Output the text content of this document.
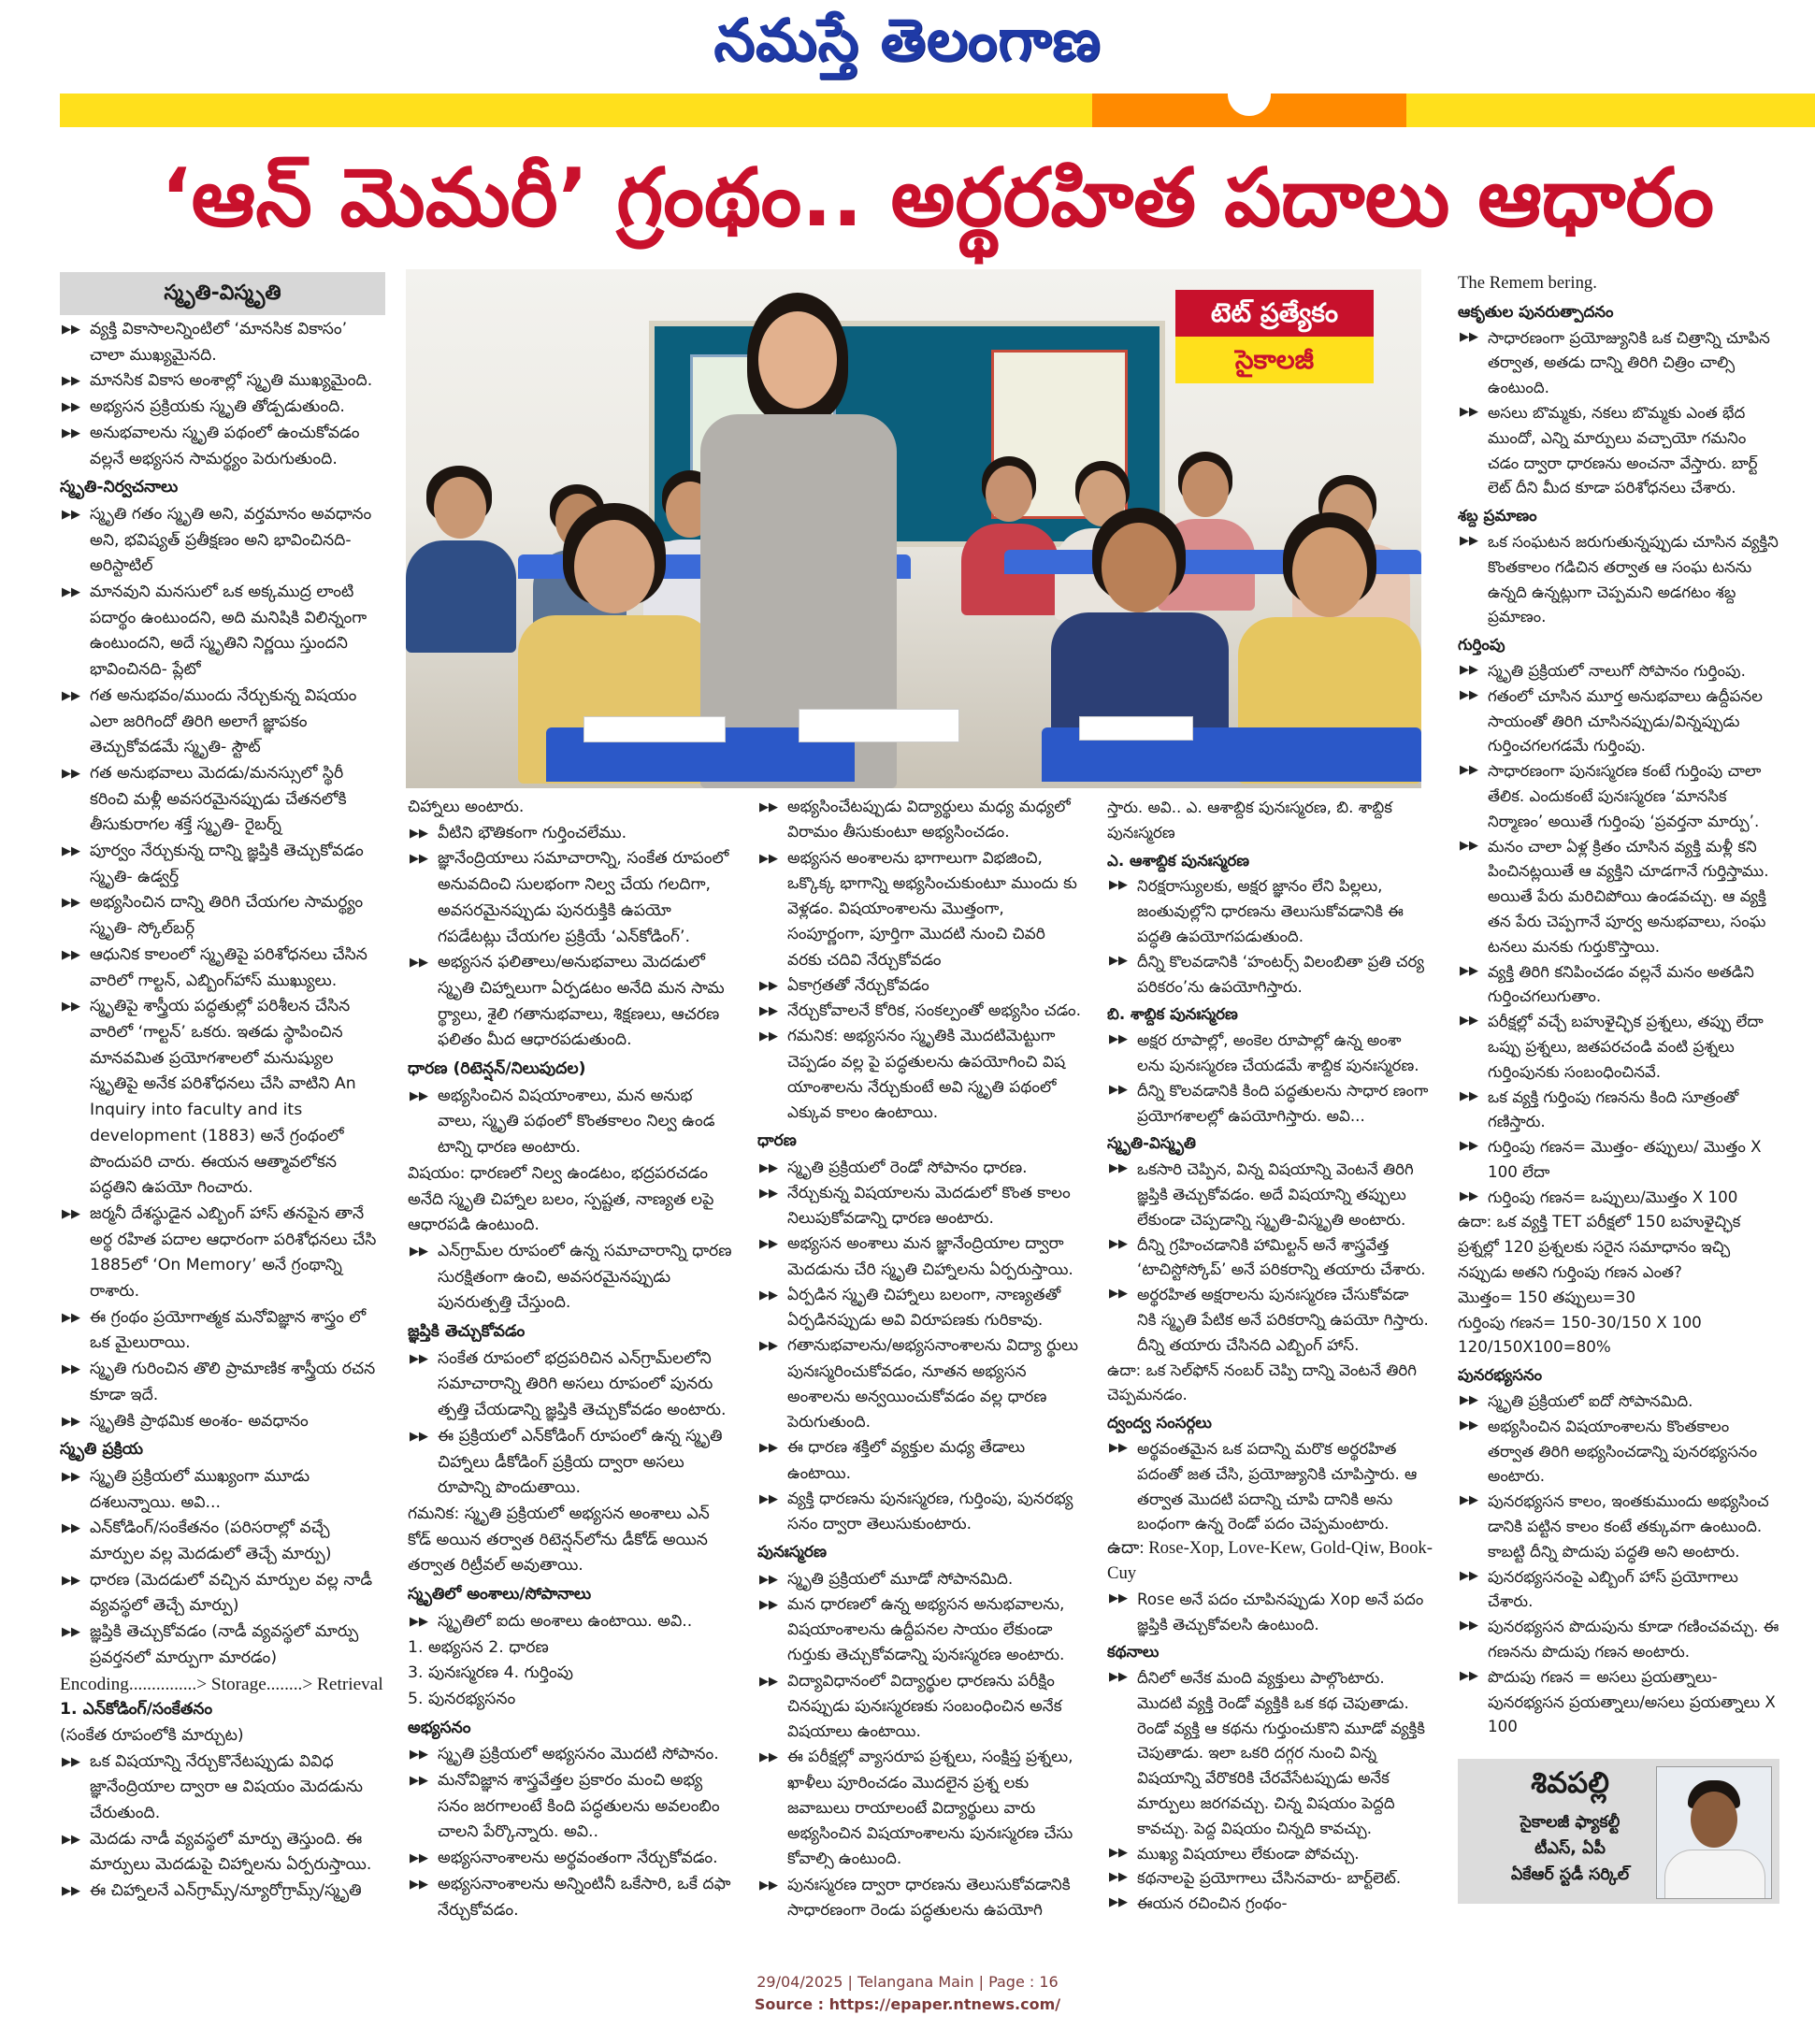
నమస్తే తెలంగాణ
‘ఆన్ మెమరీ’ గ్రంథం.. అర్థరహిత పదాలు ఆధారం
టెట్ ప్రత్యేకం
సైకాలజీ
స్మృతి-విస్మృతి
▶▶ వ్యక్తి వికాసాలన్నింటిలో ‘మానసిక వికాసం’ చాలా ముఖ్యమైనది.
▶▶ మానసిక వికాస అంశాల్లో స్మృతి ముఖ్యమైంది.
▶▶ అభ్యసన ప్రక్రియకు స్మృతి తోడ్పడుతుంది.
▶▶ అనుభవాలను స్మృతి పథంలో ఉంచుకోవడం వల్లనే అభ్యసన సామర్థ్యం పెరుగుతుంది.
స్మృతి-నిర్వచనాలు
▶▶ స్మృతి గతం స్మృతి అని, వర్తమానం అవధానం అని, భవిష్యత్ ప్రతీక్షణం అని భావించినది- అరిస్టాటిల్
▶▶ మానవుని మనసులో ఒక అక్కముద్ర లాంటి పదార్థం ఉంటుందని, అది మనిషికి విలిన్నంగా ఉంటుందని, అదే స్మృతిని నిర్ణయి స్తుందని భావించినది- ప్లేటో
▶▶ గత అనుభవం/ముందు నేర్చుకున్న విషయం ఎలా జరిగిందో తిరిగి అలాగే జ్ఞాపకం తెచ్చుకోవడమే స్మృతి- స్టౌట్
▶▶ గత అనుభవాలు మెదడు/మనస్సులో స్థిరీ కరించి మళ్లీ అవసరమైనప్పుడు చేతనలోకి తీసుకురాగల శక్తే స్మృతి- రైబర్న్
▶▶ పూర్వం నేర్చుకున్న దాన్ని జ్ఞప్తికి తెచ్చుకోవడం స్మృతి- ఉడ్వర్త్
▶▶ అభ్యసించిన దాన్ని తిరిగి చేయగల సామర్థ్యం స్మృతి- స్కోల్‌బర్గ్
▶▶ ఆధునిక కాలంలో స్మృతిపై పరిశోధనలు చేసిన వారిలో గాల్టన్, ఎబ్బింగ్‌హాస్ ముఖ్యులు.
▶▶ స్మృతిపై శాస్త్రీయ పద్ధతుల్లో పరిశీలన చేసిన వారిలో ‘గాల్టన్’ ఒకరు. ఇతడు స్థాపించిన మానవమిత ప్రయోగశాలలో మనుష్యుల స్మృతిపై అనేక పరిశోధనలు చేసి వాటిని An Inquiry into faculty and its development (1883) అనే గ్రంథంలో పొందుపరి చారు. ఈయన ఆత్మావలోకన పద్ధతిని ఉపయో గించారు.
▶▶ జర్మనీ దేశస్థుడైన ఎబ్బింగ్ హాస్ తనపైన తానే అర్థ రహిత పదాల ఆధారంగా పరిశోధనలు చేసి 1885లో ‘On Memory’ అనే గ్రంథాన్ని రాశారు.
▶▶ ఈ గ్రంథం ప్రయోగాత్మక మనోవిజ్ఞాన శాస్త్రం లో ఒక మైలురాయి.
▶▶ స్మృతి గురించిన తొలి ప్రామాణిక శాస్త్రీయ రచన కూడా ఇదే.
▶▶ స్మృతికి ప్రాథమిక అంశం- అవధానం
స్మృతి ప్రక్రియ
▶▶ స్మృతి ప్రక్రియలో ముఖ్యంగా మూడు దశలున్నాయి. అవి...
▶▶ ఎన్‌కోడింగ్/సంకేతనం (పరిసరాల్లో వచ్చే మార్పుల వల్ల మెదడులో తెచ్చే మార్పు)
▶▶ ధారణ (మెదడులో వచ్చిన మార్పుల వల్ల నాడీ వ్యవస్థలో తెచ్చే మార్పు)
▶▶ జ్ఞప్తికి తెచ్చుకోవడం (నాడీ వ్యవస్థలో మార్పు ప్రవర్తనలో మార్పుగా మారడం)
Encoding...............> Storage........> Retrieval
1. ఎన్‌కోడింగ్/సంకేతనం
(సంకేత రూపంలోకి మార్చుట)
▶▶ ఒక విషయాన్ని నేర్చుకొనేటప్పుడు వివిధ జ్ఞానేంద్రియాల ద్వారా ఆ విషయం మెదడును చేరుతుంది.
▶▶ మెదడు నాడీ వ్యవస్థలో మార్పు తెస్తుంది. ఈ మార్పులు మెదడుపై చిహ్నాలను ఏర్పరుస్తాయి.
▶▶ ఈ చిహ్నాలనే ఎన్‌గ్రామ్స్/న్యూరోగ్రామ్స్/స్మృతి
చిహ్నాలు అంటారు.
▶▶ వీటిని భౌతికంగా గుర్తించలేము.
▶▶ జ్ఞానేంద్రియాలు సమాచారాన్ని, సంకేత రూపంలో అనువదించి సులభంగా నిల్వ చేయ గలదిగా, అవసరమైనప్పుడు పునరుక్తికి ఉపయో గపడేటట్లు చేయగల ప్రక్రియే ‘ఎన్‌కోడింగ్’.
▶▶ అభ్యసన ఫలితాలు/అనుభవాలు మెదడులో స్మృతి చిహ్నాలుగా ఏర్పడటం అనేది మన సామ ర్థ్యాలు, శైలి గతానుభవాలు, శిక్షణలు, ఆచరణ ఫలితం మీద ఆధారపడుతుంది.
ధారణ (రిటెన్షన్/నిలుపుదల)
▶▶ అభ్యసించిన విషయాంశాలు, మన అనుభ వాలు, స్మృతి పథంలో కొంతకాలం నిల్వ ఉండ టాన్ని ధారణ అంటారు.
విషయం: ధారణలో నిల్వ ఉండటం, భద్రపరచడం అనేది స్మృతి చిహ్నాల బలం, స్పష్టత, నాణ్యత లపై ఆధారపడి ఉంటుంది.
▶▶ ఎన్‌గ్రామ్‌ల రూపంలో ఉన్న సమాచారాన్ని ధారణ సురక్షితంగా ఉంచి, అవసరమైనప్పుడు పునరుత్పత్తి చేస్తుంది.
జ్ఞప్తికి తెచ్చుకోవడం
▶▶ సంకేత రూపంలో భద్రపరిచిన ఎన్‌గ్రామ్‌లలోని సమాచారాన్ని తిరిగి అసలు రూపంలో పునరు త్పత్తి చేయడాన్ని జ్ఞప్తికి తెచ్చుకోవడం అంటారు.
▶▶ ఈ ప్రక్రియలో ఎన్‌కోడింగ్ రూపంలో ఉన్న స్మృతి చిహ్నాలు డీకోడింగ్ ప్రక్రియ ద్వారా అసలు రూపాన్ని పొందుతాయి.
గమనిక: స్మృతి ప్రక్రియలో అభ్యసన అంశాలు ఎన్ కోడ్ అయిన తర్వాత రిటెన్షన్‌లోను డీకోడ్ అయిన తర్వాత రిట్రీవల్ అవుతాయి.
స్మృతిలో అంశాలు/సోపానాలు
▶▶ స్మృతిలో ఐదు అంశాలు ఉంటాయి. అవి..
1. అభ్యసన 2. ధారణ
3. పునఃస్మరణ 4. గుర్తింపు
5. పునరభ్యసనం
అభ్యసనం
▶▶ స్మృతి ప్రక్రియలో అభ్యసనం మొదటి సోపానం.
▶▶ మనోవిజ్ఞాన శాస్త్రవేత్తల ప్రకారం మంచి అభ్య సనం జరగాలంటే కింది పద్ధతులను అవలంబిం చాలని పేర్కొన్నారు. అవి..
▶▶ అభ్యసనాంశాలను అర్థవంతంగా నేర్చుకోవడం.
▶▶ అభ్యసనాంశాలను అన్నింటినీ ఒకేసారి, ఒకే దఫా నేర్చుకోవడం.
▶▶ అభ్యసించేటప్పుడు విద్యార్థులు మధ్య మధ్యలో విరామం తీసుకుంటూ అభ్యసించడం.
▶▶ అభ్యసన అంశాలను భాగాలుగా విభజించి, ఒక్కొక్క భాగాన్ని అభ్యసించుకుంటూ ముందు కు వెళ్లడం. విషయాంశాలను మొత్తంగా, సంపూర్ణంగా, పూర్తిగా మొదటి నుంచి చివరి వరకు చదివి నేర్చుకోవడం
▶▶ ఏకాగ్రతతో నేర్చుకోవడం
▶▶ నేర్చుకోవాలనే కోరిక, సంకల్పంతో అభ్యసిం చడం.
▶▶ గమనిక: అభ్యసనం స్మృతికి మొదటిమెట్టుగా చెప్పడం వల్ల పై పద్ధతులను ఉపయోగించి విష యాంశాలను నేర్చుకుంటే అవి స్మృతి పథంలో ఎక్కువ కాలం ఉంటాయి.
ధారణ
▶▶ స్మృతి ప్రక్రియలో రెండో సోపానం ధారణ.
▶▶ నేర్చుకున్న విషయాలను మెదడులో కొంత కాలం నిలుపుకోవడాన్ని ధారణ అంటారు.
▶▶ అభ్యసన అంశాలు మన జ్ఞానేంద్రియాల ద్వారా మెదడును చేరి స్మృతి చిహ్నాలను ఏర్పరుస్తాయి.
▶▶ ఏర్పడిన స్మృతి చిహ్నాలు బలంగా, నాణ్యతతో ఏర్పడినప్పుడు అవి విరూపణకు గురికావు.
▶▶ గతానుభవాలను/అభ్యసనాంశాలను విద్యా ర్థులు పునఃస్మరించుకోవడం, నూతన అభ్యసన అంశాలను అన్వయించుకోవడం వల్ల ధారణ పెరుగుతుంది.
▶▶ ఈ ధారణ శక్తిలో వ్యక్తుల మధ్య తేడాలు ఉంటాయి.
▶▶ వ్యక్తి ధారణను పునఃస్మరణ, గుర్తింపు, పునరభ్య సనం ద్వారా తెలుసుకుంటారు.
పునఃస్మరణ
▶▶ స్మృతి ప్రక్రియలో మూడో సోపానమిది.
▶▶ మన ధారణలో ఉన్న అభ్యసన అనుభవాలను, విషయాంశాలను ఉద్దీపనల సాయం లేకుండా గుర్తుకు తెచ్చుకోవడాన్ని పునఃస్మరణ అంటారు.
▶▶ విద్యావిధానంలో విద్యార్థుల ధారణను పరీక్షిం చినప్పుడు పునఃస్మరణకు సంబంధించిన అనేక విషయాలు ఉంటాయి.
▶▶ ఈ పరీక్షల్లో వ్యాసరూప ప్రశ్నలు, సంక్షిప్త ప్రశ్నలు, ఖాళీలు పూరించడం మొదలైన ప్రశ్న లకు జవాబులు రాయాలంటే విద్యార్థులు వారు అభ్యసించిన విషయాంశాలను పునఃస్మరణ చేసు కోవాల్సి ఉంటుంది.
▶▶ పునఃస్మరణ ద్వారా ధారణను తెలుసుకోవడానికి సాధారణంగా రెండు పద్ధతులను ఉపయోగి
స్తారు. అవి.. ఎ. ఆశాబ్దిక పునఃస్మరణ, బి. శాబ్దిక పునఃస్మరణ
ఎ. ఆశాబ్దిక పునఃస్మరణ
▶▶ నిరక్షరాస్యులకు, అక్షర జ్ఞానం లేని పిల్లలు, జంతువుల్లోని ధారణను తెలుసుకోవడానికి ఈ పద్ధతి ఉపయోగపడుతుంది.
▶▶ దీన్ని కొలవడానికి ‘హంటర్స్ విలంబితా ప్రతి చర్య పరికరం’ను ఉపయోగిస్తారు.
బి. శాబ్దిక పునఃస్మరణ
▶▶ అక్షర రూపాల్లో, అంకెల రూపాల్లో ఉన్న అంశా లను పునఃస్మరణ చేయడమే శాబ్దిక పునఃస్మరణ.
▶▶ దీన్ని కొలవడానికి కింది పద్ధతులను సాధార ణంగా ప్రయోగశాలల్లో ఉపయోగిస్తారు. అవి...
స్మృతి-విస్మృతి
▶▶ ఒకసారి చెప్పిన, విన్న విషయాన్ని వెంటనే తిరిగి జ్ఞప్తికి తెచ్చుకోవడం. అదే విషయాన్ని తప్పులు లేకుండా చెప్పడాన్ని స్మృతి-విస్మృతి అంటారు.
▶▶ దీన్ని గ్రహించడానికి హామిల్టన్ అనే శాస్త్రవేత్త ‘టాచిస్టోస్కోప్’ అనే పరికరాన్ని తయారు చేశారు.
▶▶ అర్థరహిత అక్షరాలను పునఃస్మరణ చేసుకోవడా నికి స్మృతి పేటిక అనే పరికరాన్ని ఉపయో గిస్తారు. దీన్ని తయారు చేసినది ఎబ్బింగ్ హాస్.
ఉదా: ఒక సెల్‌ఫోన్ నంబర్ చెప్పి దాన్ని వెంటనే తిరిగి చెప్పమనడం.
ద్వంద్వ సంసర్గలు
▶▶ అర్థవంతమైన ఒక పదాన్ని మరొక అర్థరహిత పదంతో జత చేసి, ప్రయోజ్యునికి చూపిస్తారు. ఆ తర్వాత మొదటి పదాన్ని చూపి దానికి అను బంధంగా ఉన్న రెండో పదం చెప్పమంటారు.
ఉదా: Rose-Xop, Love-Kew, Gold-Qiw, Book-Cuy
▶▶ Rose అనే పదం చూపినప్పుడు Xop అనే పదం జ్ఞప్తికి తెచ్చుకోవలసి ఉంటుంది.
కథనాలు
▶▶ దీనిలో అనేక మంది వ్యక్తులు పాల్గొంటారు. మొదటి వ్యక్తి రెండో వ్యక్తికి ఒక కథ చెపుతాడు. రెండో వ్యక్తి ఆ కథను గుర్తుంచుకొని మూడో వ్యక్తికి చెపుతాడు. ఇలా ఒకరి దగ్గర నుంచి విన్న విషయాన్ని వేరొకరికి చేరవేసేటప్పుడు అనేక మార్పులు జరగవచ్చు. చిన్న విషయం పెద్దది కావచ్చు. పెద్ద విషయం చిన్నది కావచ్చు.
▶▶ ముఖ్య విషయాలు లేకుండా పోవచ్చు.
▶▶ కథనాలపై ప్రయోగాలు చేసినవారు- బార్ట్‌లెట్.
▶▶ ఈయన రచించిన గ్రంథం-
The Remem bering.
ఆకృతుల పునరుత్పాదనం
▶▶ సాధారణంగా ప్రయోజ్యునికి ఒక చిత్రాన్ని చూపిన తర్వాత, అతడు దాన్ని తిరిగి చిత్రిం చాల్సి ఉంటుంది.
▶▶ అసలు బొమ్మకు, నకలు బొమ్మకు ఎంత భేద ముందో, ఎన్ని మార్పులు వచ్చాయో గమనిం చడం ద్వారా ధారణను అంచనా వేస్తారు. బార్ట్ లెట్ దీని మీద కూడా పరిశోధనలు చేశారు.
శబ్ద ప్రమాణం
▶▶ ఒక సంఘటన జరుగుతున్నప్పుడు చూసిన వ్యక్తిని కొంతకాలం గడిచిన తర్వాత ఆ సంఘ టనను ఉన్నది ఉన్నట్లుగా చెప్పమని అడగటం శబ్ద ప్రమాణం.
గుర్తింపు
▶▶ స్మృతి ప్రక్రియలో నాలుగో సోపానం గుర్తింపు.
▶▶ గతంలో చూసిన మూర్త అనుభవాలు ఉద్దీపనల సాయంతో తిరిగి చూసినప్పుడు/విన్నప్పుడు గుర్తించగలగడమే గుర్తింపు.
▶▶ సాధారణంగా పునఃస్మరణ కంటే గుర్తింపు చాలా తేలిక. ఎందుకంటే పునఃస్మరణ ‘మానసిక నిర్మాణం’ అయితే గుర్తింపు ‘ప్రవర్తనా మార్పు’.
▶▶ మనం చాలా ఏళ్ల క్రితం చూసిన వ్యక్తి మళ్లీ కని పించినట్లయితే ఆ వ్యక్తిని చూడగానే గుర్తిస్తాము. అయితే పేరు మరిచిపోయి ఉండవచ్చు. ఆ వ్యక్తి తన పేరు చెప్పగానే పూర్వ అనుభవాలు, సంఘ టనలు మనకు గుర్తుకొస్తాయి.
▶▶ వ్యక్తి తిరిగి కనిపించడం వల్లనే మనం అతడిని గుర్తించగలుగుతాం.
▶▶ పరీక్షల్లో వచ్చే బహుళైచ్ఛిక ప్రశ్నలు, తప్పు లేదా ఒప్పు ప్రశ్నలు, జతపరచండి వంటి ప్రశ్నలు గుర్తింపునకు సంబంధించినవే.
▶▶ ఒక వ్యక్తి గుర్తింపు గణనను కింది సూత్రంతో గణిస్తారు.
▶▶ గుర్తింపు గణన= మొత్తం- తప్పులు/ మొత్తం X 100 లేదా
▶▶ గుర్తింపు గణన= ఒప్పులు/మొత్తం X 100
ఉదా: ఒక వ్యక్తి TET పరీక్షలో 150 బహుళైచ్ఛిక ప్రశ్నల్లో 120 ప్రశ్నలకు సరైన సమాధానం ఇచ్చి నప్పుడు అతని గుర్తింపు గణన ఎంత?
మొత్తం= 150 తప్పులు=30
గుర్తింపు గణన= 150-30/150 X 100
120/150X100=80%
పునరభ్యసనం
▶▶ స్మృతి ప్రక్రియలో ఐదో సోపానమిది.
▶▶ అభ్యసించిన విషయాంశాలను కొంతకాలం తర్వాత తిరిగి అభ్యసించడాన్ని పునరభ్యసనం అంటారు.
▶▶ పునరభ్యసన కాలం, ఇంతకుముందు అభ్యసించ డానికి పట్టిన కాలం కంటే తక్కువగా ఉంటుంది. కాబట్టి దీన్ని పొదుపు పద్ధతి అని అంటారు.
▶▶ పునరభ్యసనంపై ఎబ్బింగ్ హాస్ ప్రయోగాలు చేశారు.
▶▶ పునరభ్యసన పొదుపును కూడా గణించవచ్చు. ఈ గణనను పొదుపు గణన అంటారు.
▶▶ పొదుపు గణన = అసలు ప్రయత్నాలు- పునరభ్యసన ప్రయత్నాలు/అసలు ప్రయత్నాలు X 100
శివపల్లి
సైకాలజీ ఫ్యాకల్టీ
టీఎస్, ఏపీ
ఏకేఆర్ స్టడీ సర్కిల్
29/04/2025 | Telangana Main | Page : 16
Source : https://epaper.ntnews.com/
